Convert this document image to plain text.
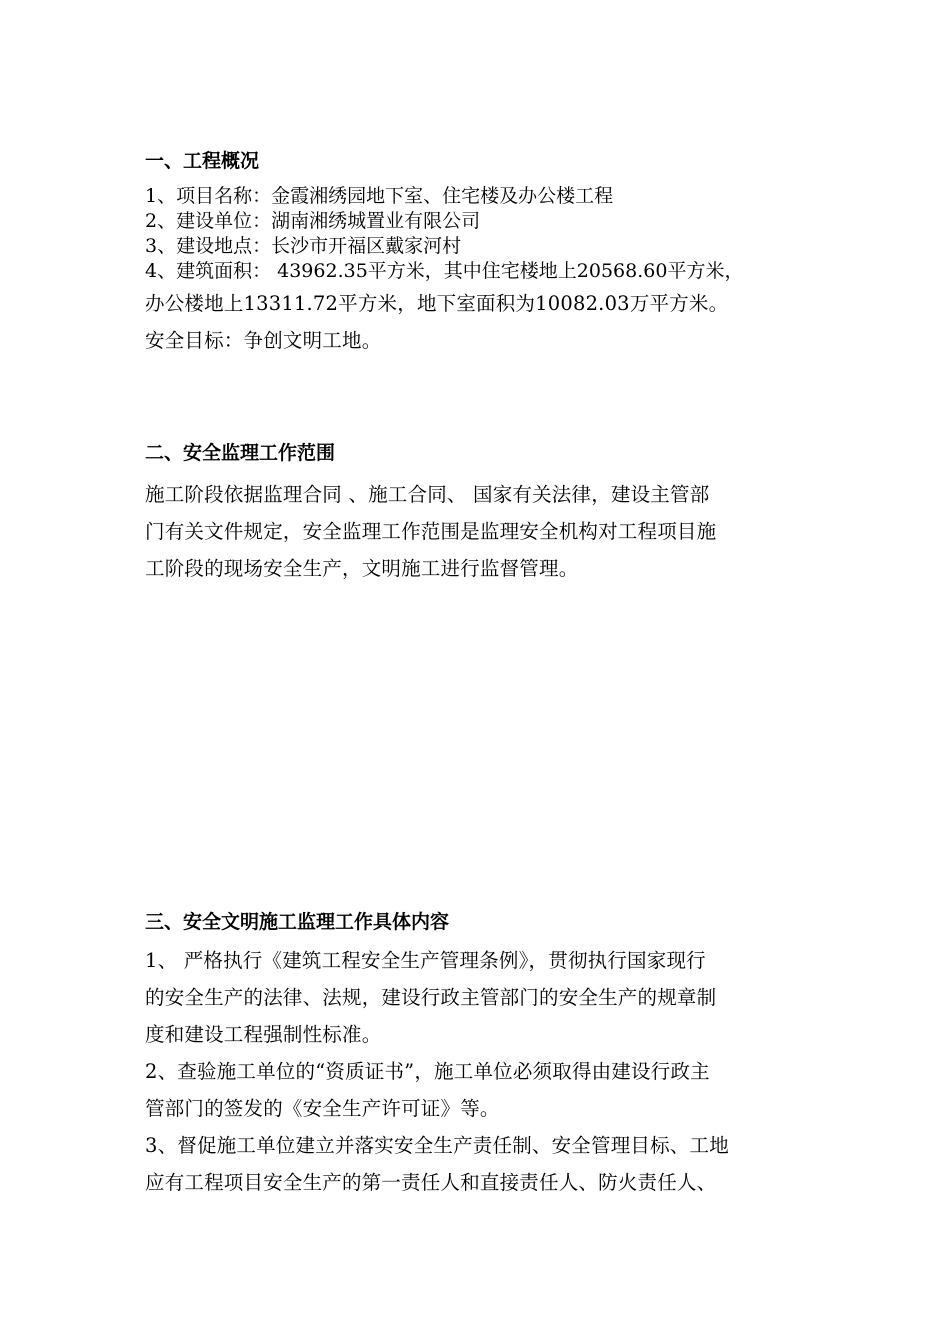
一、工程概况

1、项目名称：金霞湘绣园地下室、住宅楼及办公楼工程

2、建设单位：湖南湘绣城置业有限公司

3、建设地点：长沙市开福区戴家河村

4、建筑面积： 43962.35平方米，其中住宅楼地上20568.60平方米，

办公楼地上13311.72平方米，地下室面积为10082.03万平方米。
安全目标：争创文明工地。

二、安全监理工作范围

施工阶段依据监理合同 、施工合同、 国家有关法律，建设主管部
门有关文件规定，安全监理工作范围是监理安全机构对工程项目施
工阶段的现场安全生产，文明施工进行监督管理。

三、安全文明施工监理工作具体内容

1、 严格执行《建筑工程安全生产管理条例》，贯彻执行国家现行
的安全生产的法律、法规，建设行政主管部门的安全生产的规章制
度和建设工程强制性标准。
2、查验施工单位的“资质证书”，施工单位必须取得由建设行政主
管部门的签发的《安全生产许可证》等。
3、督促施工单位建立并落实安全生产责任制、安全管理目标、工地
应有工程项目安全生产的第一责任人和直接责任人、防火责任人、
